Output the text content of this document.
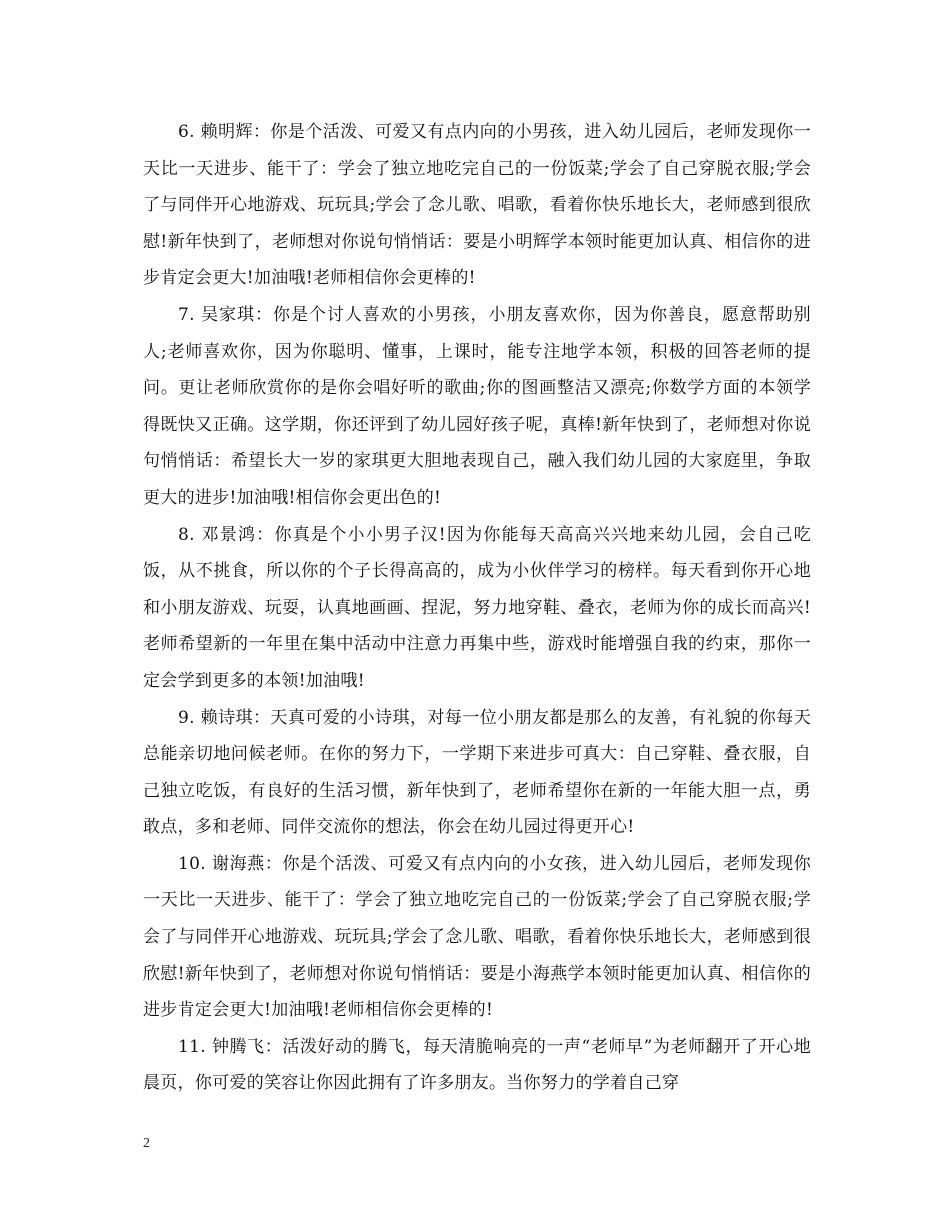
6. 赖明辉：你是个活泼、可爱又有点内向的小男孩，进入幼儿园后，老师发现你一天比一天进步、能干了：学会了独立地吃完自己的一份饭菜;学会了自己穿脱衣服;学会了与同伴开心地游戏、玩玩具;学会了念儿歌、唱歌，看着你快乐地长大，老师感到很欣慰!新年快到了，老师想对你说句悄悄话：要是小明辉学本领时能更加认真、相信你的进步肯定会更大!加油哦!老师相信你会更棒的!

7. 吴家琪：你是个讨人喜欢的小男孩，小朋友喜欢你，因为你善良，愿意帮助别人;老师喜欢你，因为你聪明、懂事，上课时，能专注地学本领，积极的回答老师的提问。更让老师欣赏你的是你会唱好听的歌曲;你的图画整洁又漂亮;你数学方面的本领学得既快又正确。这学期，你还评到了幼儿园好孩子呢，真棒!新年快到了，老师想对你说句悄悄话：希望长大一岁的家琪更大胆地表现自己，融入我们幼儿园的大家庭里，争取更大的进步!加油哦!相信你会更出色的!

8. 邓景鸿：你真是个小小男子汉!因为你能每天高高兴兴地来幼儿园，会自己吃饭，从不挑食，所以你的个子长得高高的，成为小伙伴学习的榜样。每天看到你开心地和小朋友游戏、玩耍，认真地画画、捏泥，努力地穿鞋、叠衣，老师为你的成长而高兴!老师希望新的一年里在集中活动中注意力再集中些，游戏时能增强自我的约束，那你一定会学到更多的本领!加油哦!

9. 赖诗琪：天真可爱的小诗琪，对每一位小朋友都是那么的友善，有礼貌的你每天总能亲切地问候老师。在你的努力下，一学期下来进步可真大：自己穿鞋、叠衣服，自己独立吃饭，有良好的生活习惯，新年快到了，老师希望你在新的一年能大胆一点，勇敢点，多和老师、同伴交流你的想法，你会在幼儿园过得更开心!

10. 谢海燕：你是个活泼、可爱又有点内向的小女孩，进入幼儿园后，老师发现你一天比一天进步、能干了：学会了独立地吃完自己的一份饭菜;学会了自己穿脱衣服;学会了与同伴开心地游戏、玩玩具;学会了念儿歌、唱歌，看着你快乐地长大，老师感到很欣慰!新年快到了，老师想对你说句悄悄话：要是小海燕学本领时能更加认真、相信你的进步肯定会更大!加油哦!老师相信你会更棒的!

11. 钟腾飞：活泼好动的腾飞，每天清脆响亮的一声“老师早”为老师翻开了开心地晨页，你可爱的笑容让你因此拥有了许多朋友。当你努力的学着自己穿

2
